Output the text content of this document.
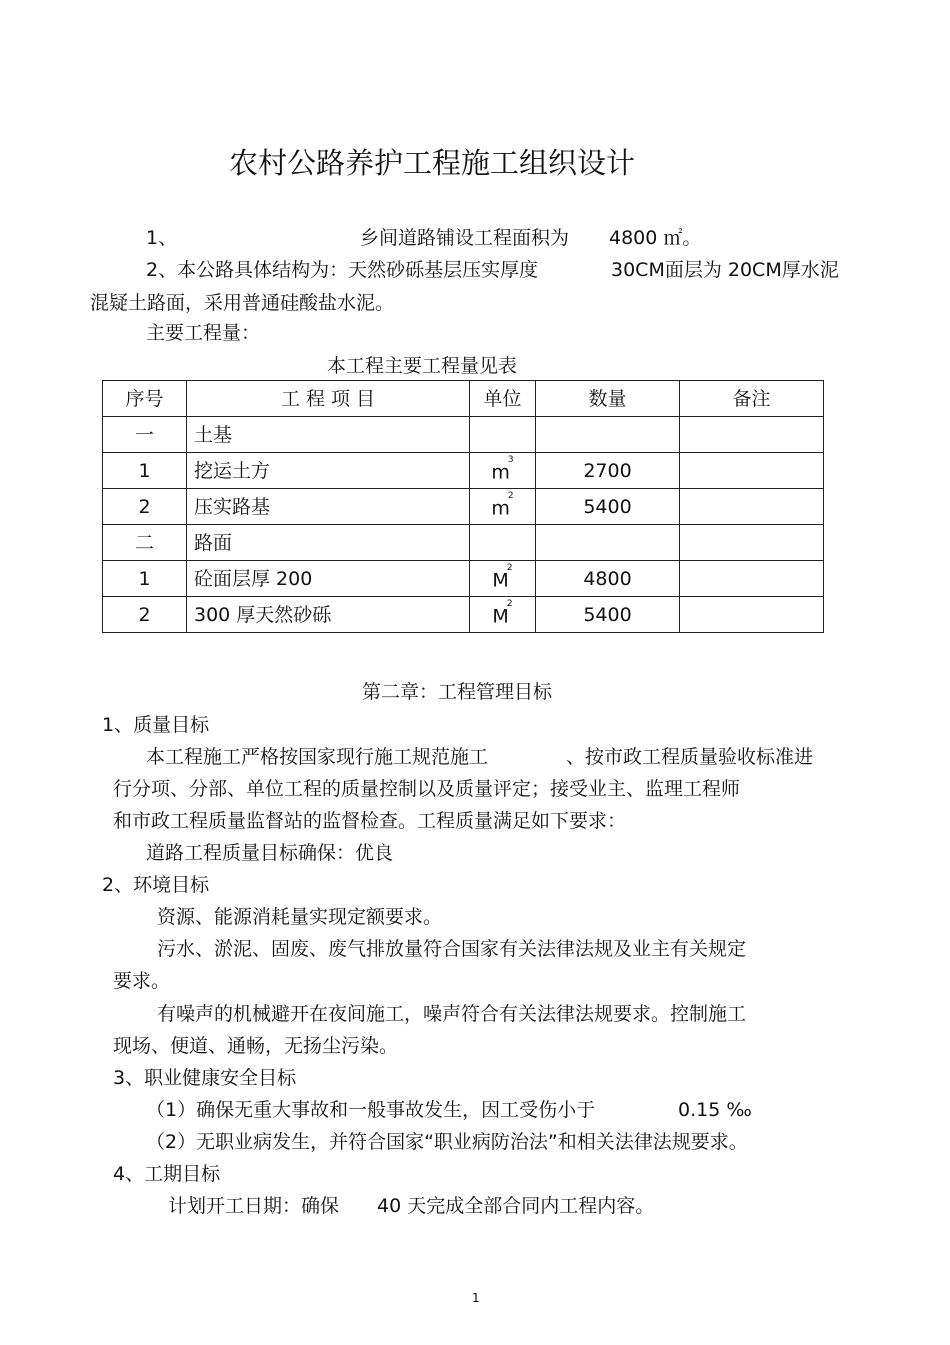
农村公路养护工程施工组织设计
1、	乡间道路铺设工程面积为 4800 ㎡。
2、本公路具体结构为：天然砂砾基层压实厚度	30CM面层为 20CM厚水泥
混疑土路面，采用普通硅酸盐水泥。
主要工程量：
本工程主要工程量见表
序号	工 程 项 目	单位	数量	备注
一	土基			
1	挖运土方	$m^3$	2700	
2	压实路基	$m^2$	5400	
二	路面			
1	砼面层厚 200	$M^2$	4800	
2	300 厚天然砂砾	$M^2$	5400	
第二章：工程管理目标
1、质量目标
本工程施工严格按国家现行施工规范施工	、按市政工程质量验收标准进
行分项、分部、单位工程的质量控制以及质量评定；接受业主、监理工程师
和市政工程质量监督站的监督检查。工程质量满足如下要求：
道路工程质量目标确保：优良
2、环境目标
资源、能源消耗量实现定额要求。
污水、淤泥、固废、废气排放量符合国家有关法律法规及业主有关规定
要求。
有噪声的机械避开在夜间施工，噪声符合有关法律法规要求。控制施工
现场、便道、通畅，无扬尘污染。
3、职业健康安全目标
（1）确保无重大事故和一般事故发生，因工受伤小于	0.15 ‰
（2）无职业病发生，并符合国家“职业病防治法”和相关法律法规要求。
4、工期目标
计划开工日期：确保 40 天完成全部合同内工程内容。
1
